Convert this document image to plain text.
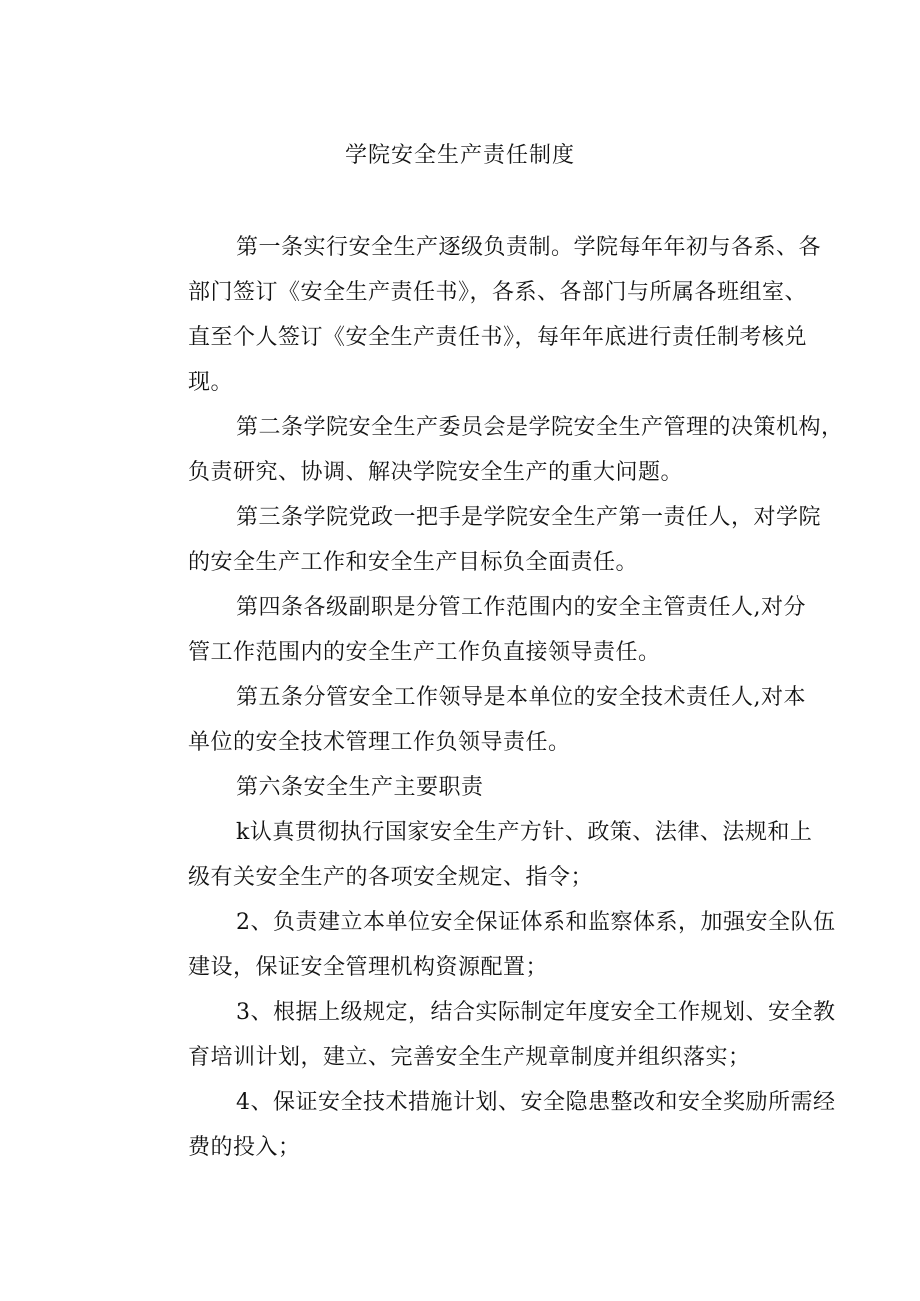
学院安全生产责任制度
第一条实行安全生产逐级负责制。学院每年年初与各系、各
部门签订《安全生产责任书》，各系、各部门与所属各班组室、
直至个人签订《安全生产责任书》，每年年底进行责任制考核兑
现。
第二条学院安全生产委员会是学院安全生产管理的决策机构，
负责研究、协调、解决学院安全生产的重大问题。
第三条学院党政一把手是学院安全生产第一责任人，对学院
的安全生产工作和安全生产目标负全面责任。
第四条各级副职是分管工作范围内的安全主管责任人,对分
管工作范围内的安全生产工作负直接领导责任。
第五条分管安全工作领导是本单位的安全技术责任人,对本
单位的安全技术管理工作负领导责任。
第六条安全生产主要职责
k认真贯彻执行国家安全生产方针、政策、法律、法规和上
级有关安全生产的各项安全规定、指令；
2、负责建立本单位安全保证体系和监察体系，加强安全队伍
建设，保证安全管理机构资源配置；
3、根据上级规定，结合实际制定年度安全工作规划、安全教
育培训计划，建立、完善安全生产规章制度并组织落实；
4、保证安全技术措施计划、安全隐患整改和安全奖励所需经
费的投入；
